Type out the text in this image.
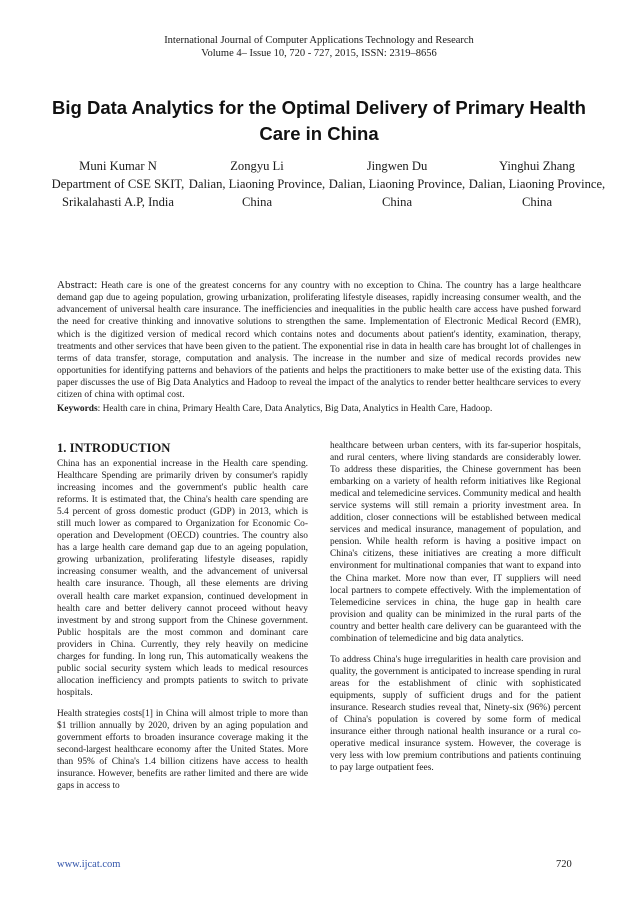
International Journal of Computer Applications Technology and Research
Volume 4– Issue 10, 720 - 727, 2015, ISSN: 2319–8656
Big Data Analytics for the Optimal Delivery of Primary Health Care in China
Muni Kumar N
Department of CSE SKIT, Srikalahasti A.P, India
Zongyu Li
Dalian, Liaoning Province, China
Jingwen Du
Dalian, Liaoning Province, China
Yinghui Zhang
Dalian, Liaoning Province, China
Abstract: Heath care is one of the greatest concerns for any country with no exception to China. The country has a large healthcare demand gap due to ageing population, growing urbanization, proliferating lifestyle diseases, rapidly increasing consumer wealth, and the advancement of universal health care insurance. The inefficiencies and inequalities in the public health care access have pushed forward the need for creative thinking and innovative solutions to strengthen the same. Implementation of Electronic Medical Record (EMR), which is the digitized version of medical record which contains notes and documents about patient's identity, examination, therapy, treatments and other services that have been given to the patient. The exponential rise in data in health care has brought lot of challenges in terms of data transfer, storage, computation and analysis. The increase in the number and size of medical records provides new opportunities for identifying patterns and behaviors of the patients and helps the practitioners to make better use of the existing data. This paper discusses the use of Big Data Analytics and Hadoop to reveal the impact of the analytics to render better healthcare services to every citizen of china with optimal cost.
Keywords: Health care in china, Primary Health Care, Data Analytics, Big Data, Analytics in Health Care, Hadoop.
1. INTRODUCTION

China has an exponential increase in the Health care spending. Healthcare Spending are primarily driven by consumer's rapidly increasing incomes and the government's public health care reforms. It is estimated that, the China's health care spending are 5.4 percent of gross domestic product (GDP) in 2013, which is still much lower as compared to Organization for Economic Co-operation and Development (OECD) countries. The country also has a large health care demand gap due to an ageing population, growing urbanization, proliferating lifestyle diseases, rapidly increasing consumer wealth, and the advancement of universal health care insurance. Though, all these elements are driving overall health care market expansion, continued development in health care and better delivery cannot proceed without heavy investment by and strong support from the Chinese government. Public hospitals are the most common and dominant care providers in China. Currently, they rely heavily on medicine charges for funding. In long run, This automatically weakens the public social security system which leads to medical resources allocation inefficiency and prompts patients to switch to private hospitals.

Health strategies costs[1] in China will almost triple to more than $1 trillion annually by 2020, driven by an aging population and government efforts to broaden insurance coverage making it the second-largest healthcare economy after the United States. More than 95% of China's 1.4 billion citizens have access to health insurance. However, benefits are rather limited and there are wide gaps in access to

healthcare between urban centers, with its far-superior hospitals, and rural centers, where living standards are considerably lower. To address these disparities, the Chinese government has been embarking on a variety of health reform initiatives like Regional medical and telemedicine services. Community medical and health service systems will still remain a priority investment area. In addition, closer connections will be established between medical services and medical insurance, management of population, and pension. While health reform is having a positive impact on China's citizens, these initiatives are creating a more difficult environment for multinational companies that want to expand into the China market. More now than ever, IT suppliers will need local partners to compete effectively. With the implementation of Telemedicine services in china, the huge gap in health care provision and quality can be minimized in the rural parts of the country and better health care delivery can be guaranteed with the combination of telemedicine and big data analytics.

To address China's huge irregularities in health care provision and quality, the government is anticipated to increase spending in rural areas for the establishment of clinic with sophisticated equipments, supply of sufficient drugs and for the patient insurance. Research studies reveal that, Ninety-six (96%) percent of China's population is covered by some form of medical insurance either through national health insurance or a rural co-operative medical insurance system. However, the coverage is very less with low premium contributions and patients continuing to pay large outpatient fees.

www.ijcat.com	720
